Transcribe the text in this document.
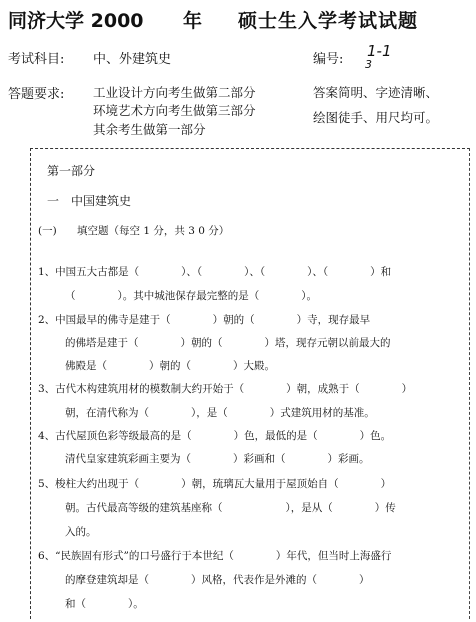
同济大学 2000 年 硕士生入学考试试题
考试科目: 中、外建筑史	编号: 1-1
3
答题要求: 工业设计方向考生做第二部分
环境艺术方向考生做第三部分
其余考生做第一部分
答案简明、字迹清晰、
绘图徒手、用尺均可。
第一部分
一　中国建筑史
(一) 填空题（每空 1 分，共 3 0 分）
1、中国五大古都是（　　　　）、（　　　　）、（　　　　）、（　　　　）和
（　　　　）。其中城池保存最完整的是（　　　　）。
2、中国最早的佛寺是建于（　　　　）朝的（　　　　）寺，现存最早
的佛塔是建于（　　　　）朝的（　　　　）塔，现存元朝以前最大的
佛殿是（　　　　）朝的（　　　　）大殿。
3、古代木构建筑用材的模数制大约开始于（　　　　）朝，成熟于（　　　　）
朝，在清代称为（　　　　），是（　　　　）式建筑用材的基准。
4、古代屋顶色彩等级最高的是（　　　　）色，最低的是（　　　　）色。
清代皇家建筑彩画主要为（　　　　）彩画和（　　　　）彩画。
5、梭柱大约出现于（　　　　）朝，琉璃瓦大量用于屋顶始自（　　　　）
朝。古代最高等级的建筑基座称（　　　　　　），是从（　　　　）传
入的。
6、“民族固有形式”的口号盛行于本世纪（　　　　）年代，但当时上海盛行
的摩登建筑却是（　　　　）风格，代表作是外滩的（　　　　）
和（　　　　）。
